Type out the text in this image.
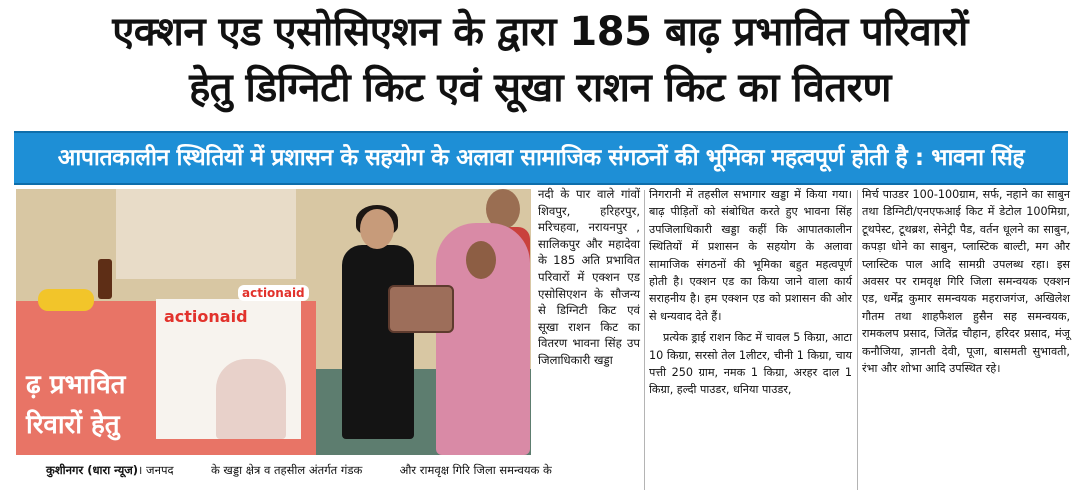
एक्शन एड एसोसिएशन के द्वारा 185 बाढ़ प्रभावित परिवारों
हेतु डिग्निटी किट एवं सूखा राशन किट का वितरण
आपातकालीन स्थितियों में प्रशासन के सहयोग के अलावा सामाजिक संगठनों की भूमिका महत्वपूर्ण होती है : भावना सिंह
ढ़ प्रभावित
रिवारों हेतु
actionaid
actionaid
कुशीनगर (धारा न्यूज)। जनपद	के खड्डा क्षेत्र व तहसील अंतर्गत गंडक	और रामवृक्ष गिरि जिला समन्वयक के

नदी के पार वाले गांवों शिवपुर, हरिहरपुर, मरिचहवा, नरायनपुर , सालिकपुर और महादेवा के 185 अति प्रभावित परिवारों में एक्शन एड एसोसिएशन के सौजन्य से डिग्निटी किट एवं सूखा राशन किट का वितरण भावना सिंह उप जिलाधिकारी खड्डा

निगरानी में तहसील सभागार खड्डा में किया गया। बाढ़ पीड़ितों को संबोधित करते हुए भावना सिंह उपजिलाधिकारी खड्डा कहीं कि आपातकालीन स्थितियों में प्रशासन के सहयोग के अलावा सामाजिक संगठनों की भूमिका बहुत महत्वपूर्ण होती है। एक्शन एड का किया जाने वाला कार्य सराहनीय है। हम एक्शन एड को प्रशासन की ओर से धन्यवाद देते हैं।

प्रत्येक ड्राई राशन किट में चावल 5 किग्रा, आटा 10 किग्रा, सरसो तेल 1लीटर, चीनी 1 किग्रा, चाय पत्ती 250 ग्राम, नमक 1 किग्रा, अरहर दाल 1 किग्रा, हल्दी पाउडर, धनिया पाउडर,

मिर्च पाउडर 100-100ग्राम, सर्फ, नहाने का साबुन तथा डिग्निटी/एनएफआई किट में डेटोल 100मिग्रा, टूथपेस्ट, टूथब्रश, सेनेट्री पैड, वर्तन धूलने का साबुन, कपड़ा धोने का साबुन, प्लास्टिक बाल्टी, मग और प्लास्टिक पाल आदि सामग्री उपलब्ध रहा। इस अवसर पर रामवृक्ष गिरि जिला समन्वयक एक्शन एड, धर्मेंद्र कुमार समन्वयक महराजगंज, अखिलेश गौतम तथा शाहफैशल हुसैन सह समन्वयक, रामकलप प्रसाद, जितेंद्र चौहान, हरिदर प्रसाद, मंजू कनौजिया, ज्ञानती देवी, पूजा, बासमती सुभावती, रंभा और शोभा आदि उपस्थित रहे।
